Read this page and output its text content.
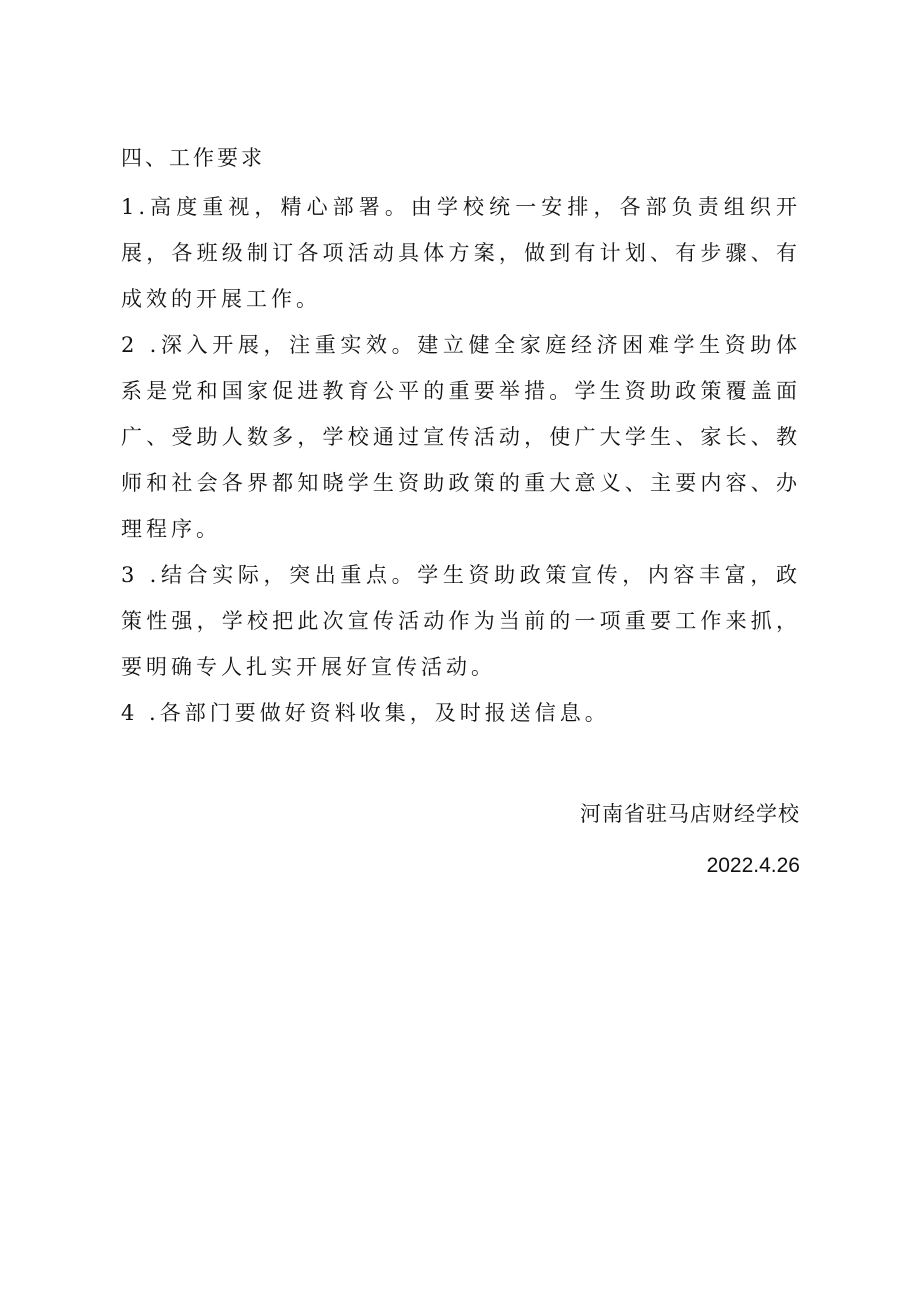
四、工作要求

1.高度重视，精心部署。由学校统一安排，各部负责组织开展，各班级制订各项活动具体方案，做到有计划、有步骤、有成效的开展工作。

2 .深入开展，注重实效。建立健全家庭经济困难学生资助体系是党和国家促进教育公平的重要举措。学生资助政策覆盖面广、受助人数多，学校通过宣传活动，使广大学生、家长、教师和社会各界都知晓学生资助政策的重大意义、主要内容、办理程序。

3 .结合实际，突出重点。学生资助政策宣传，内容丰富，政策性强，学校把此次宣传活动作为当前的一项重要工作来抓，要明确专人扎实开展好宣传活动。

4 .各部门要做好资料收集，及时报送信息。

河南省驻马店财经学校
2022.4.26
